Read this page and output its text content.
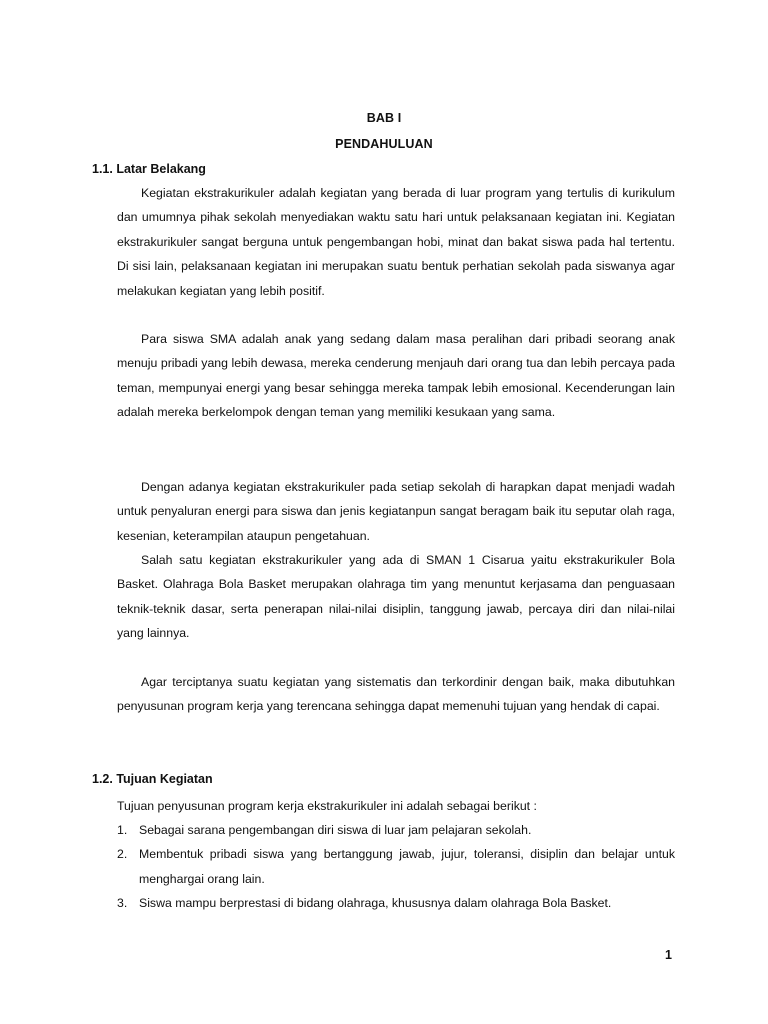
BAB I
PENDAHULUAN
1.1. Latar Belakang

Kegiatan ekstrakurikuler adalah kegiatan yang berada di luar program yang tertulis di kurikulum dan umumnya pihak sekolah menyediakan waktu satu hari untuk pelaksanaan kegiatan ini. Kegiatan ekstrakurikuler sangat berguna untuk pengembangan hobi, minat dan bakat siswa pada hal tertentu. Di sisi lain, pelaksanaan kegiatan ini merupakan suatu bentuk perhatian sekolah pada siswanya agar melakukan kegiatan yang lebih positif.

Para siswa SMA adalah anak yang sedang dalam masa peralihan dari pribadi seorang anak menuju pribadi yang lebih dewasa, mereka cenderung menjauh dari orang tua dan lebih percaya pada teman, mempunyai energi yang besar sehingga mereka tampak lebih emosional. Kecenderungan lain adalah mereka berkelompok dengan teman yang memiliki kesukaan yang sama.

Dengan adanya kegiatan ekstrakurikuler pada setiap sekolah di harapkan dapat menjadi wadah untuk penyaluran energi para siswa dan jenis kegiatanpun sangat beragam baik itu seputar olah raga, kesenian, keterampilan ataupun pengetahuan.

Salah satu kegiatan ekstrakurikuler yang ada di SMAN 1 Cisarua yaitu ekstrakurikuler Bola Basket. Olahraga Bola Basket merupakan olahraga tim yang menuntut kerjasama dan penguasaan teknik-teknik dasar, serta penerapan nilai-nilai disiplin, tanggung jawab, percaya diri dan nilai-nilai yang lainnya.

Agar terciptanya suatu kegiatan yang sistematis dan terkordinir dengan baik, maka dibutuhkan penyusunan program kerja yang terencana sehingga dapat memenuhi tujuan yang hendak di capai.

1.2. Tujuan Kegiatan
Tujuan penyusunan program kerja ekstrakurikuler ini adalah sebagai berikut :
1. Sebagai sarana pengembangan diri siswa di luar jam pelajaran sekolah.
2. Membentuk pribadi siswa yang bertanggung jawab, jujur, toleransi, disiplin dan belajar untuk menghargai orang lain.
3. Siswa mampu berprestasi di bidang olahraga, khususnya dalam olahraga Bola Basket.
1
